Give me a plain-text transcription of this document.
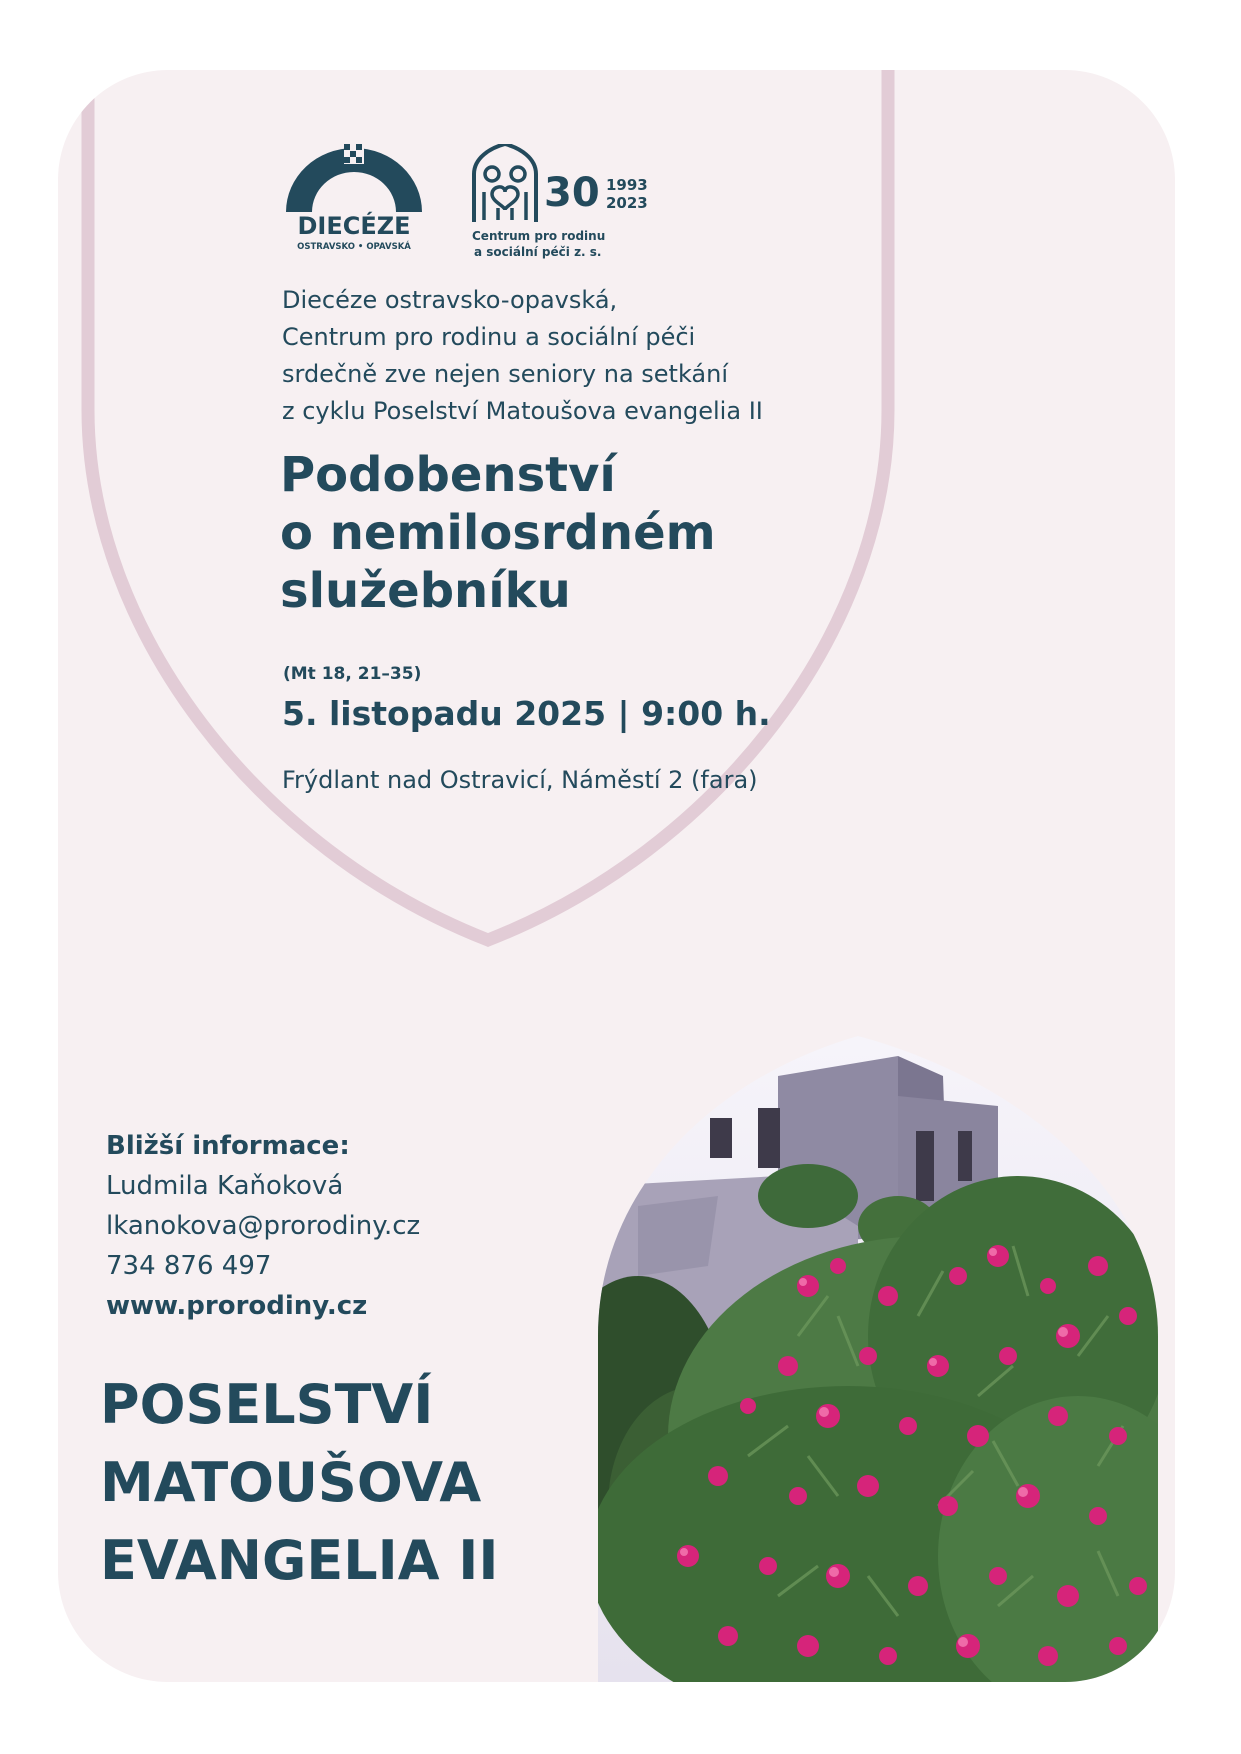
DIECÉZE
OSTRAVSKO • OPAVSKÁ
30 1993
2023
Centrum pro rodinu
a sociální péči z. s.
Diecéze ostravsko-opavská,
Centrum pro rodinu a sociální péči
srdečně zve nejen seniory na setkání
z cyklu Poselství Matoušova evangelia II
Podobenství
o nemilosrdném
služebníku
(Mt 18, 21–35)
5. listopadu 2025 | 9:00 h.
Frýdlant nad Ostravicí, Náměstí 2 (fara)
Bližší informace:
Ludmila Kaňoková
lkanokova@prorodiny.cz
734 876 497
www.prorodiny.cz
POSELSTVÍ
MATOUŠOVA
EVANGELIA II
